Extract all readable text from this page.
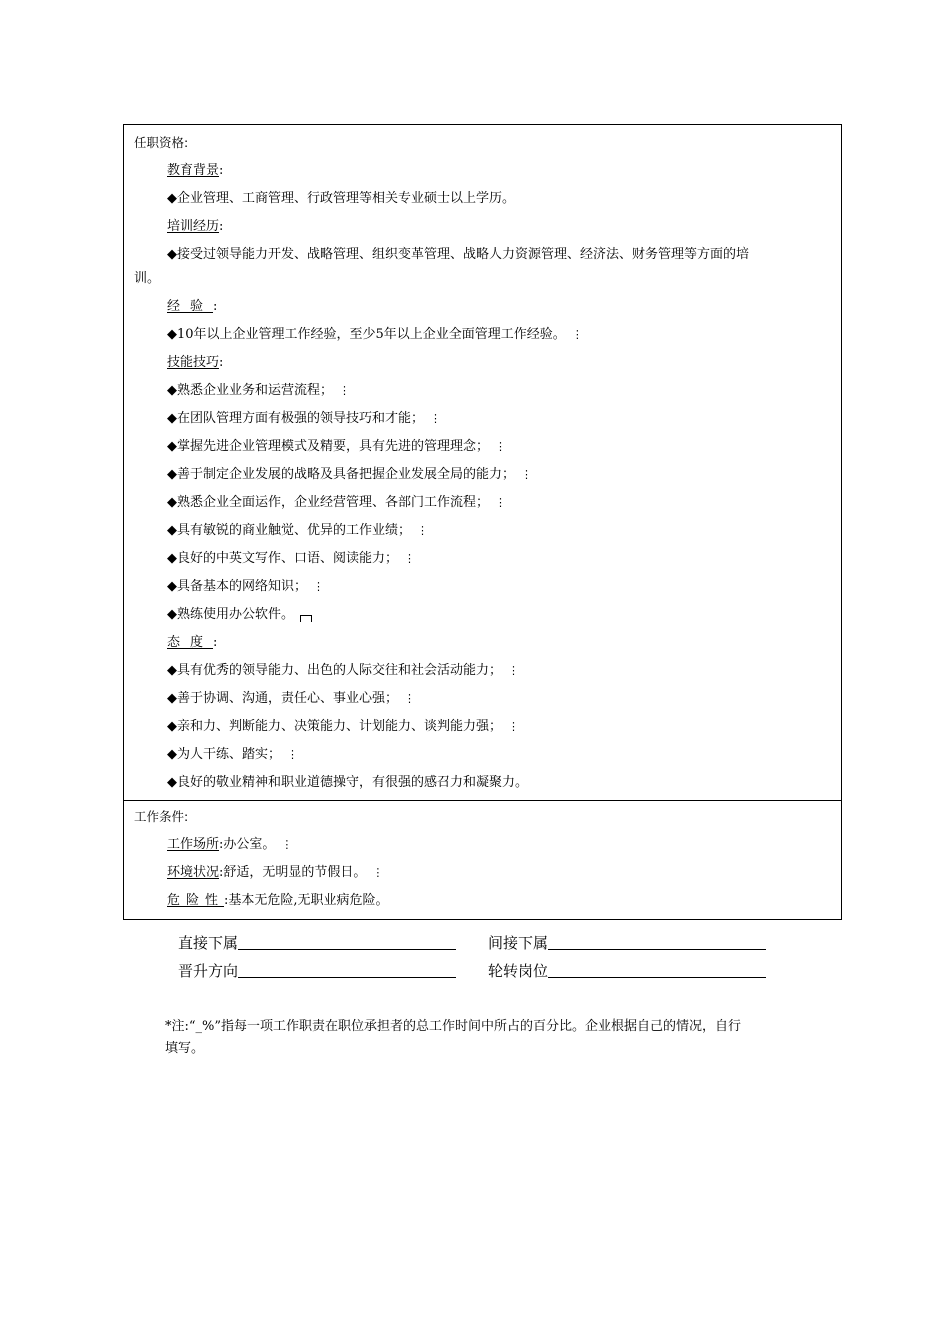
任职资格:
教育背景:
◆企业管理、工商管理、行政管理等相关专业硕士以上学历。
培训经历:
◆接受过领导能力开发、战略管理、组织变革管理、战略人力资源管理、经济法、财务管理等方面的培
训。
经验:
◆10年以上企业管理工作经验，至少5年以上企业全面管理工作经验。 ⋮
技能技巧:
◆熟悉企业业务和运营流程； ⋮
◆在团队管理方面有极强的领导技巧和才能； ⋮
◆掌握先进企业管理模式及精要，具有先进的管理理念； ⋮
◆善于制定企业发展的战略及具备把握企业发展全局的能力； ⋮
◆熟悉企业全面运作，企业经营管理、各部门工作流程； ⋮
◆具有敏锐的商业触觉、优异的工作业绩； ⋮
◆良好的中英文写作、口语、阅读能力； ⋮
◆具备基本的网络知识； ⋮
◆熟练使用办公软件。
态度:
◆具有优秀的领导能力、出色的人际交往和社会活动能力； ⋮
◆善于协调、沟通，责任心、事业心强； ⋮
◆亲和力、判断能力、决策能力、计划能力、谈判能力强； ⋮
◆为人干练、踏实； ⋮
◆良好的敬业精神和职业道德操守，有很强的感召力和凝聚力。
工作条件:
工作场所:办公室。 ⋮
环境状况:舒适，无明显的节假日。 ⋮
危险性:基本无危险,无职业病危险。
直接下属	间接下属
晋升方向	轮转岗位
*注:“_%”指每一项工作职责在职位承担者的总工作时间中所占的百分比。企业根据自己的情况，自行
填写。
